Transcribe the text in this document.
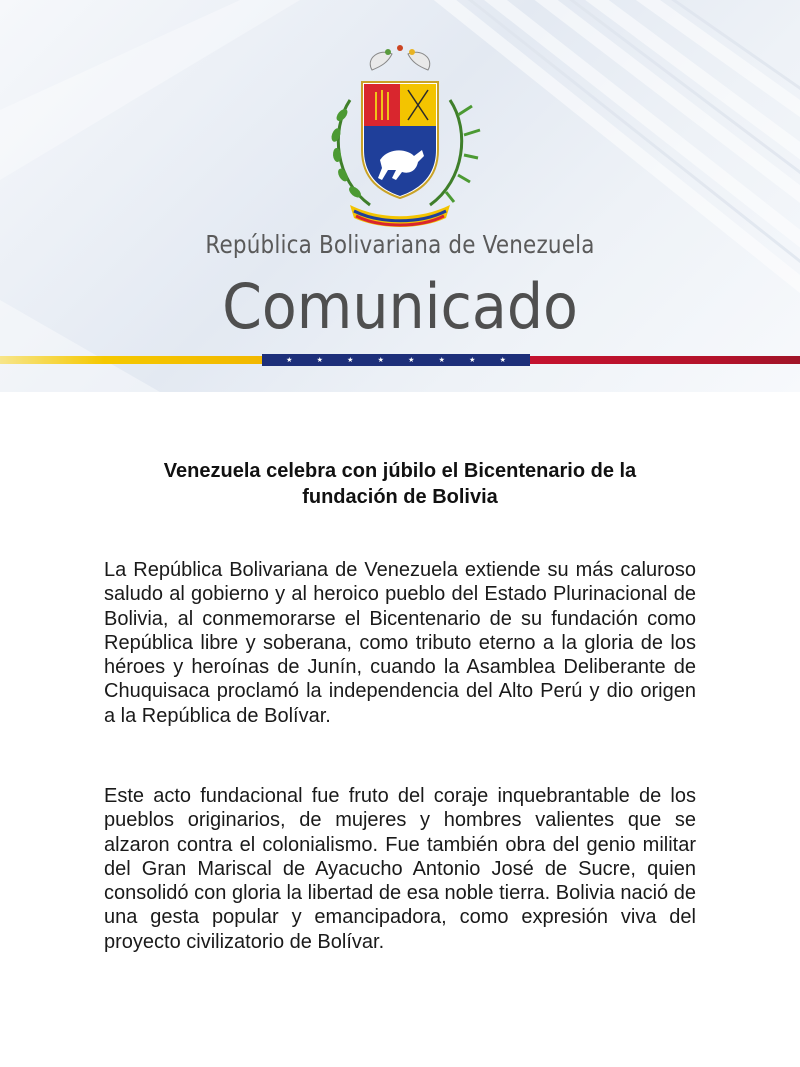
República Bolivariana de Venezuela
Comunicado
★	★	★	★	★	★	★	★
Venezuela celebra con júbilo el Bicentenario de la fundación de Bolivia

La República Bolivariana de Venezuela extiende su más caluroso saludo al gobierno y al heroico pueblo del Estado Plurinacional de Bolivia, al conmemorarse el Bicentenario de su fundación como República libre y soberana, como tributo eterno a la gloria de los héroes y heroínas de Junín, cuando la Asamblea Deliberante de Chuquisaca proclamó la independencia del Alto Perú y dio origen a la República de Bolívar.

Este acto fundacional fue fruto del coraje inquebrantable de los pueblos originarios, de mujeres y hombres valientes que se alzaron contra el colonialismo. Fue también obra del genio militar del Gran Mariscal de Ayacucho Antonio José de Sucre, quien consolidó con gloria la libertad de esa noble tierra. Bolivia nació de una gesta popular y emancipadora, como expresión viva del proyecto civilizatorio de Bolívar.
